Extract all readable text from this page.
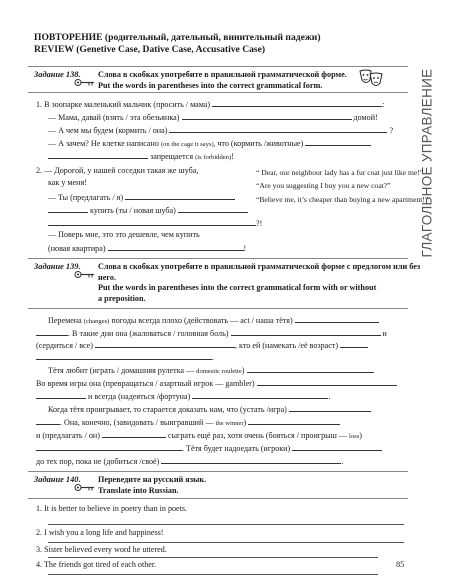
ГЛАГОЛЬНОЕ УПРАВЛЕНИЕ
ПОВТОРЕНИЕ (родительный, дательный, винительный падежи)
REVIEW (Genetive Case, Dative Case, Accusative Case)
Задание 138. Слова в скобках употребите в правильной грамматической форме.
Put the words in parentheses into the correct grammatical form.
1. В зоопарке маленький мальчик (просить / мама)	:
— Мама, давай (взять / эта обезьянка)	домой!
— А чем мы будем (кормить / она)	?
— А зачем? Не клетке написано (on the cage it says), что (кормить /животные)
запрещается (is forbidden)!
2. — Дорогой, у нашей соседки такая же шуба,
как у меня!
— Ты (предлагать / я)
купить (ты / новая шуба)
?!
— Поверь мне, это это дешевле, чем купить
(новая квартира)	!
“ Dear, our neighbour lady has a fur coat just like me!”
“Are you suggesting I buy you a new coat?”
“Believe me, it’s cheaper than buying a new apartment!”
Задание 139. Слова в скобках употребите в правильной грамматической форме с предлогом или без
него.
Put the words in parentheses into the correct grammatical form with or without
a preposition.
Перемена (changes) погоды всегда плохо (действовать — act / наша тётя)
. В такие дни она (жаловаться / головная боль)	и
(сердиться / все)	, кто ей (намекать /её возраст)
.
Тётя любит (играть / домашняя рулетка — domestic roulette)	.
Во время игры она (превращаться / азартный игрок — gambler)
и всегда (надеяться /фортуна)	.
Когда тётя проигрывает, то старается доказать нам, что (устать /игра)
. Она, конечно, (завидовать / выигравший — the winner)
и (предлагать / он)	сыграть ещё раз, хотя очень (бояться / проигрыш — loss)
. Тётя будет надоедать (игроки)
до тех пор, пока не (добиться /своё)	.
Задание 140. Переведите на русский язык.
Translate into Russian.
1. It is better to believe in poetry than in poets.
2. I wish you a long life and happiness!
3. Sister believed every word he uttered.
4. The friends got tired of each other.	85
